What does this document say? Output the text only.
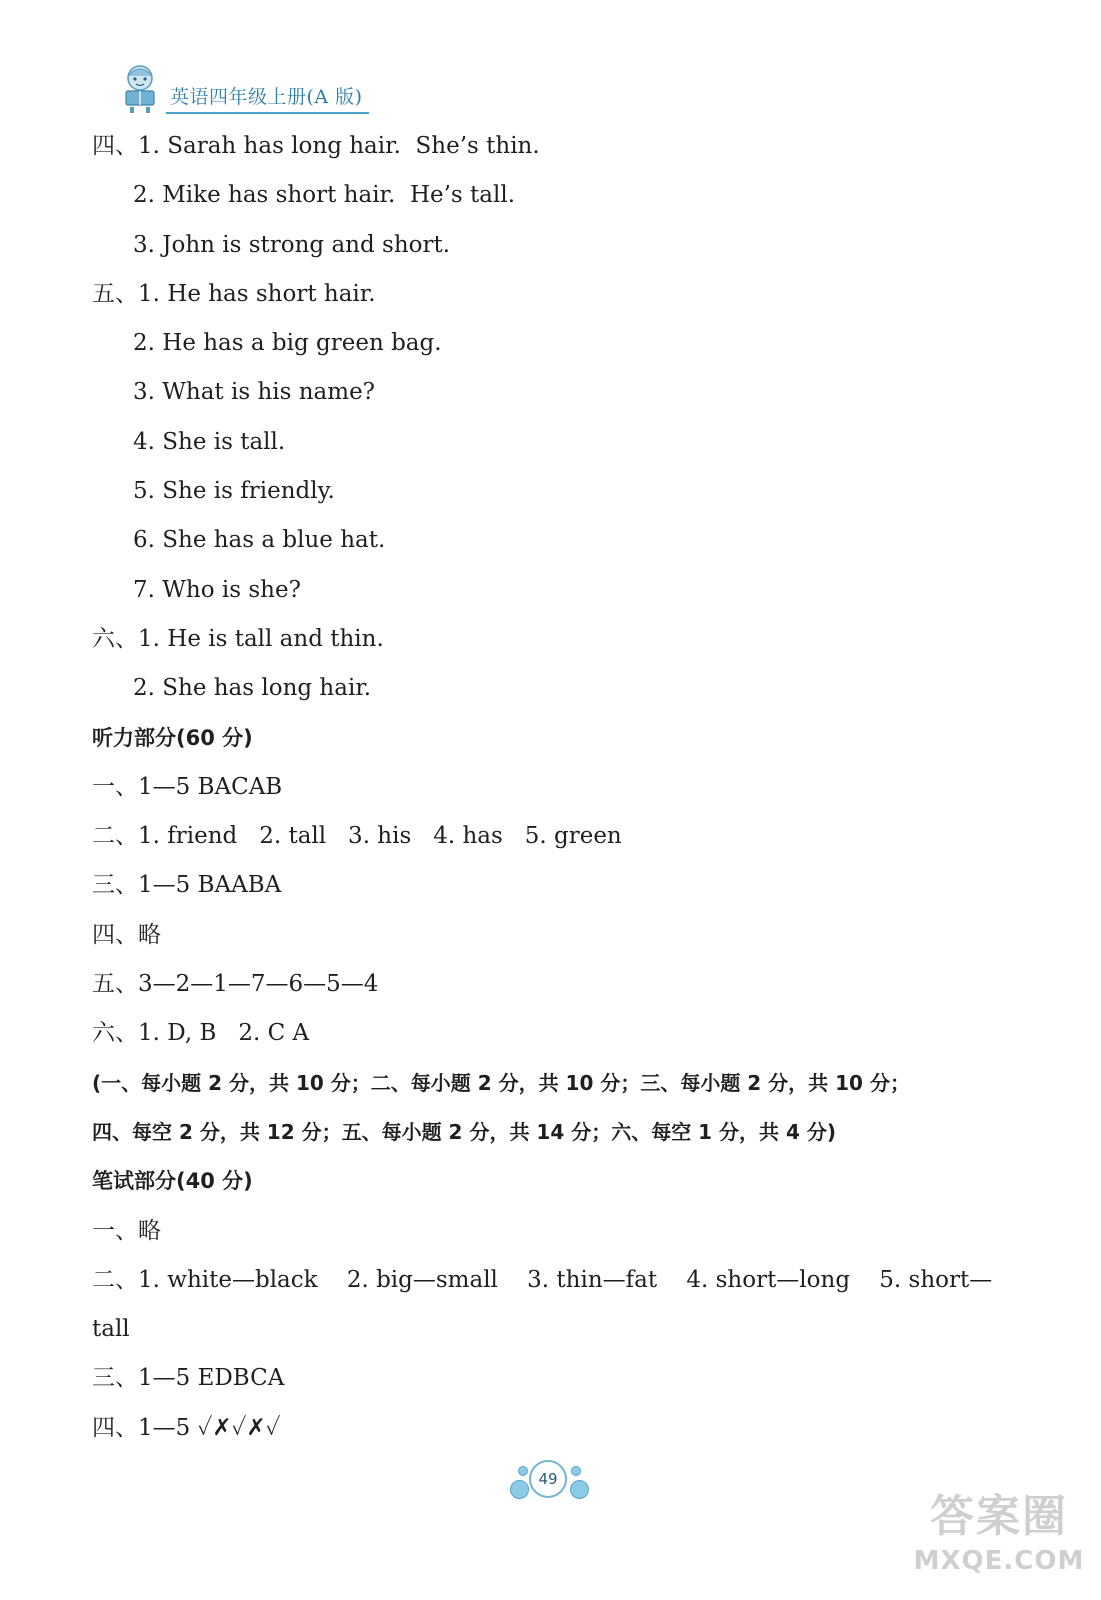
英语四年级上册(A 版)
四、1. Sarah has long hair.  She’s thin.
2. Mike has short hair.  He’s tall.
3. John is strong and short.
五、1. He has short hair.
2. He has a big green bag.
3. What is his name?
4. She is tall.
5. She is friendly.
6. She has a blue hat.
7. Who is she?
六、1. He is tall and thin.
2. She has long hair.
听力部分(60 分)
一、1—5 BACAB
二、1. friend   2. tall   3. his   4. has   5. green
三、1—5 BAABA
四、略
五、3—2—1—7—6—5—4
六、1. D, B   2. C A
(一、每小题 2 分，共 10 分；二、每小题 2 分，共 10 分；三、每小题 2 分，共 10 分；
四、每空 2 分，共 12 分；五、每小题 2 分，共 14 分；六、每空 1 分，共 4 分)
笔试部分(40 分)
一、略
二、1. white—black    2. big—small    3. thin—fat    4. short—long    5. short—
tall
三、1—5 EDBCA
四、1—5 ✓✗✓✗✓
49
答案圈
MXQE.COM
